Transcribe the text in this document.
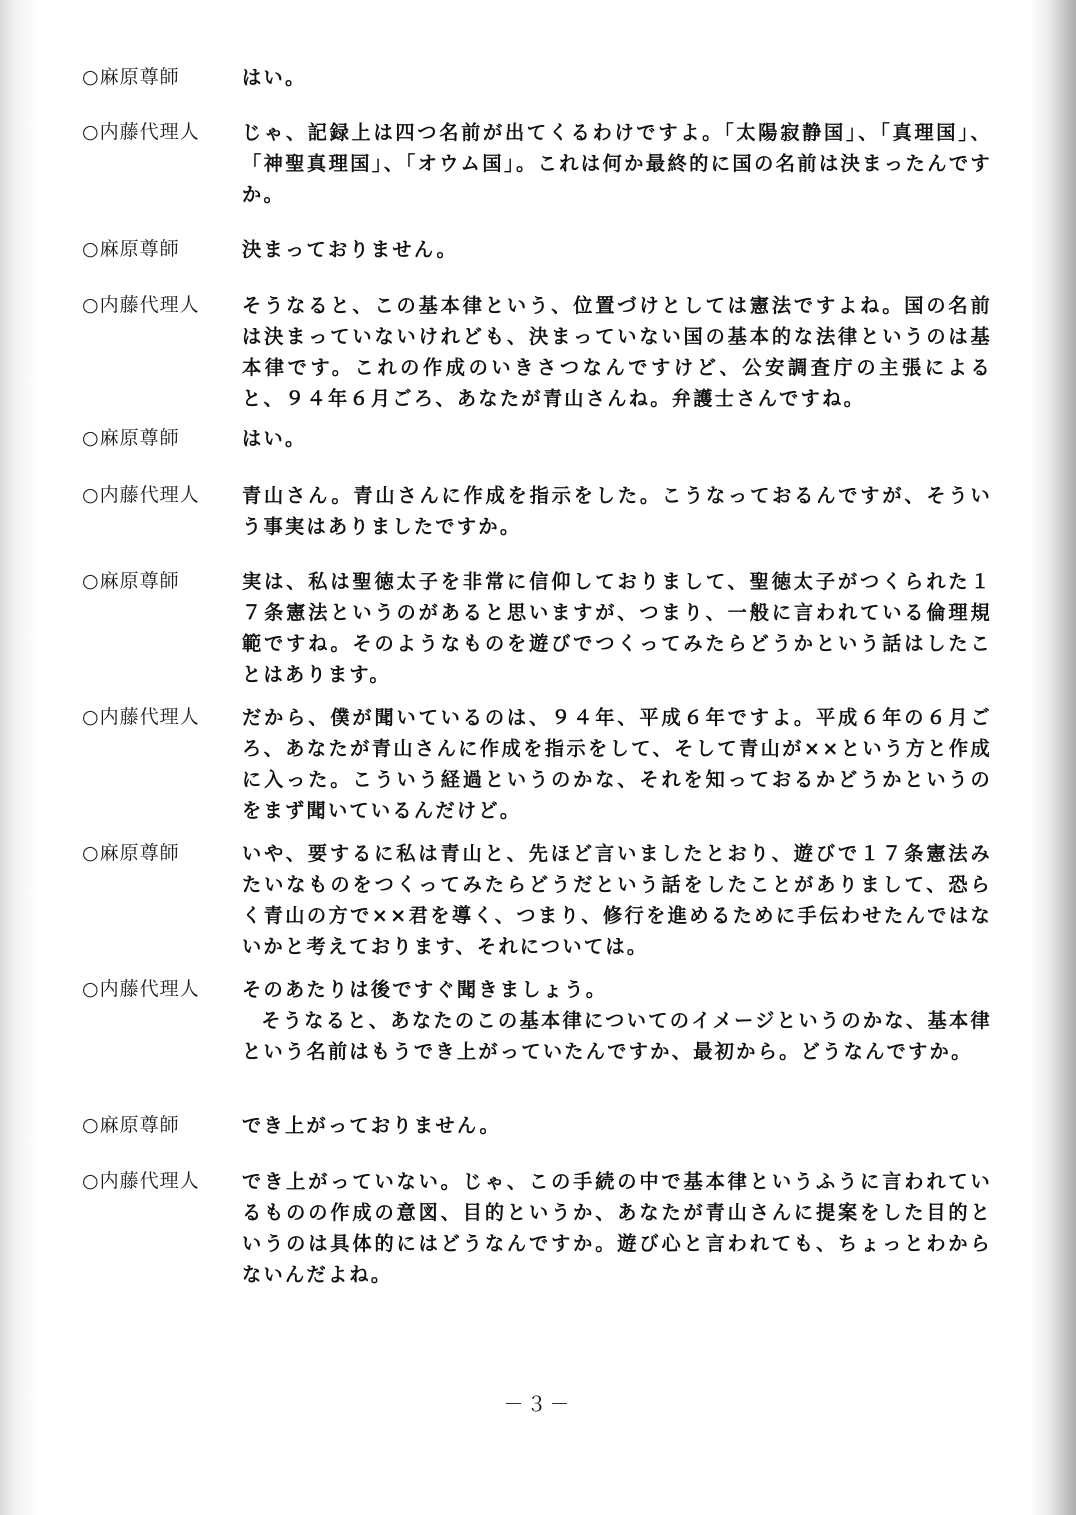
○麻原尊師	はい。

○内藤代理人	じゃ、記録上は四つ名前が出てくるわけですよ。「太陽寂静国」、「真理国」、「神聖真理国」、「オウム国」。これは何か最終的に国の名前は決まったんですか。

○麻原尊師	決まっておりません。

○内藤代理人	そうなると、この基本律という、位置づけとしては憲法ですよね。国の名前は決まっていないけれども、決まっていない国の基本的な法律というのは基本律です。これの作成のいきさつなんですけど、公安調査庁の主張によると、９４年６月ごろ、あなたが青山さんね。弁護士さんですね。

○麻原尊師	はい。

○内藤代理人	青山さん。青山さんに作成を指示をした。こうなっておるんですが、そういう事実はありましたですか。

○麻原尊師	実は、私は聖徳太子を非常に信仰しておりまして、聖徳太子がつくられた１７条憲法というのがあると思いますが、つまり、一般に言われている倫理規範ですね。そのようなものを遊びでつくってみたらどうかという話はしたことはあります。

○内藤代理人	だから、僕が聞いているのは、９４年、平成６年ですよ。平成６年の６月ごろ、あなたが青山さんに作成を指示をして、そして青山が××という方と作成に入った。こういう経過というのかな、それを知っておるかどうかというのをまず聞いているんだけど。

○麻原尊師	いや、要するに私は青山と、先ほど言いましたとおり、遊びで１７条憲法みたいなものをつくってみたらどうだという話をしたことがありまして、恐らく青山の方で××君を導く、つまり、修行を進めるために手伝わせたんではないかと考えております、それについては。

○内藤代理人	そのあたりは後ですぐ聞きましょう。

そうなると、あなたのこの基本律についてのイメージというのかな、基本律という名前はもうでき上がっていたんですか、最初から。どうなんですか。

○麻原尊師	でき上がっておりません。

○内藤代理人	でき上がっていない。じゃ、この手続の中で基本律というふうに言われているものの作成の意図、目的というか、あなたが青山さんに提案をした目的というのは具体的にはどうなんですか。遊び心と言われても、ちょっとわからないんだよね。

－３－
